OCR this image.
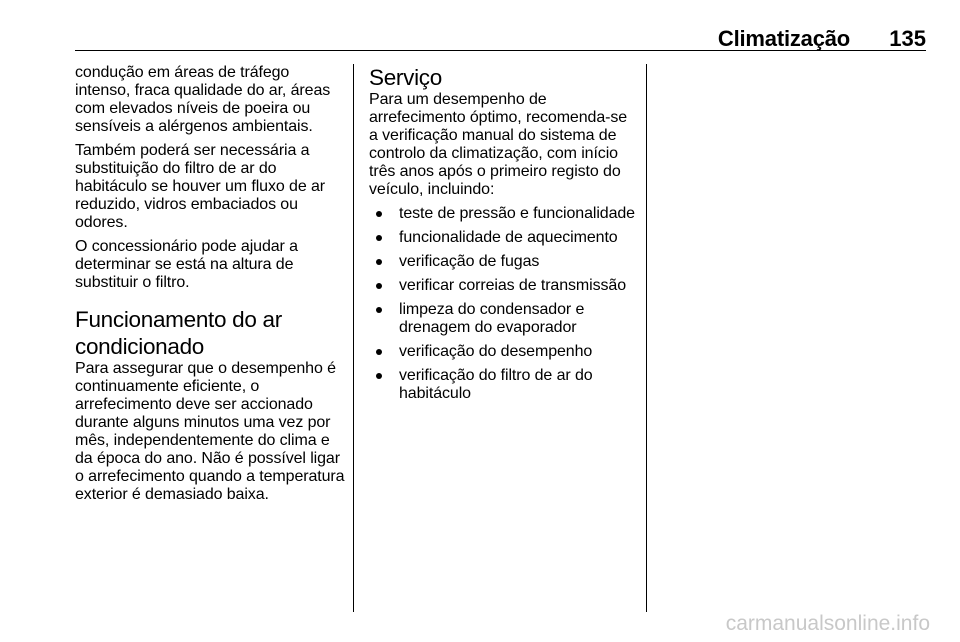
Climatização 135

condução em áreas de tráfego intenso, fraca qualidade do ar, áreas com elevados níveis de poeira ou sensíveis a alérgenos ambientais.

Também poderá ser necessária a substituição do filtro de ar do habitáculo se houver um fluxo de ar reduzido, vidros embaciados ou odores.

O concessionário pode ajudar a determinar se está na altura de substituir o filtro.

Funcionamento do ar condicionado

Para assegurar que o desempenho é continuamente eficiente, o arrefecimento deve ser accionado durante alguns minutos uma vez por mês, independentemente do clima e da época do ano. Não é possível ligar o arrefecimento quando a temperatura exterior é demasiado baixa.

Serviço

Para um desempenho de arrefecimento óptimo, recomenda-se a verificação manual do sistema de controlo da climatização, com início três anos após o primeiro registo do veículo, incluindo:

teste de pressão e funcionalidade
funcionalidade de aquecimento
verificação de fugas
verificar correias de transmissão
limpeza do condensador e drenagem do evaporador
verificação do desempenho
verificação do filtro de ar do habitáculo
carmanualsonline.info
